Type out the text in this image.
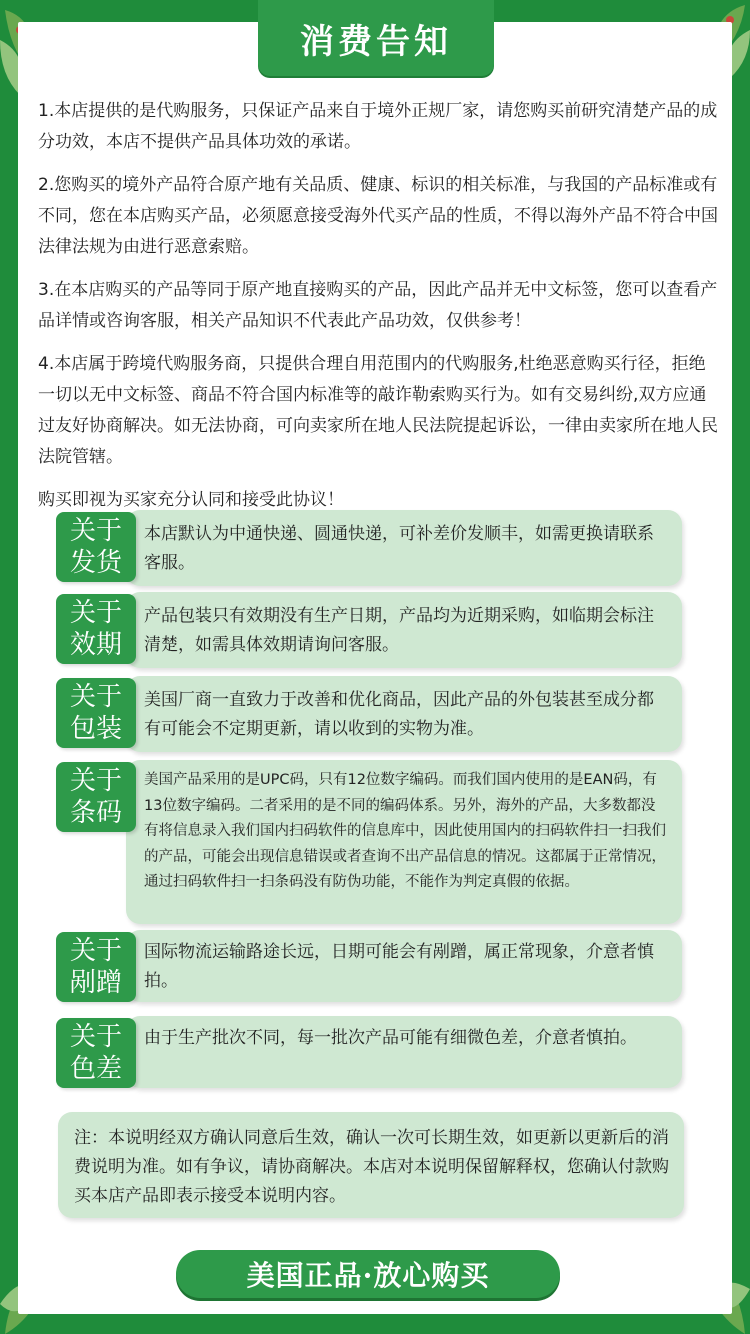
消费告知

1.本店提供的是代购服务，只保证产品来自于境外正规厂家，请您购买前研究清楚产品的成分功效，本店不提供产品具体功效的承诺。

2.您购买的境外产品符合原产地有关品质、健康、标识的相关标准，与我国的产品标准或有不同，您在本店购买产品，必须愿意接受海外代买产品的性质，不得以海外产品不符合中国法律法规为由进行恶意索赔。

3.在本店购买的产品等同于原产地直接购买的产品，因此产品并无中文标签，您可以查看产品详情或咨询客服，相关产品知识不代表此产品功效，仅供参考！

4.本店属于跨境代购服务商，只提供合理自用范围内的代购服务,杜绝恶意购买行径，拒绝一切以无中文标签、商品不符合国内标准等的敲诈勒索购买行为。如有交易纠纷,双方应通过友好协商解决。如无法协商，可向卖家所在地人民法院提起诉讼，一律由卖家所在地人民法院管辖。

购买即视为买家充分认同和接受此协议！

本店默认为中通快递、圆通快递，可补差价发顺丰，如需更换请联系客服。
关于
发货
产品包装只有效期没有生产日期，产品均为近期采购，如临期会标注清楚，如需具体效期请询问客服。
关于
效期
美国厂商一直致力于改善和优化商品，因此产品的外包装甚至成分都有可能会不定期更新，请以收到的实物为准。
关于
包装
美国产品采用的是UPC码，只有12位数字编码。而我们国内使用的是EAN码，有13位数字编码。二者采用的是不同的编码体系。另外，海外的产品，大多数都没有将信息录入我们国内扫码软件的信息库中，因此使用国内的扫码软件扫一扫我们的产品，可能会出现信息错误或者查询不出产品信息的情况。这都属于正常情况，通过扫码软件扫一扫条码没有防伪功能，不能作为判定真假的依据。
关于
条码
国际物流运输路途长远，日期可能会有剐蹭，属正常现象，介意者慎拍。
关于
剐蹭
由于生产批次不同，每一批次产品可能有细微色差，介意者慎拍。
关于
色差
注：本说明经双方确认同意后生效，确认一次可长期生效，如更新以更新后的消费说明为准。如有争议，请协商解决。本店对本说明保留解释权，您确认付款购买本店产品即表示接受本说明内容。
美国正品·放心购买
